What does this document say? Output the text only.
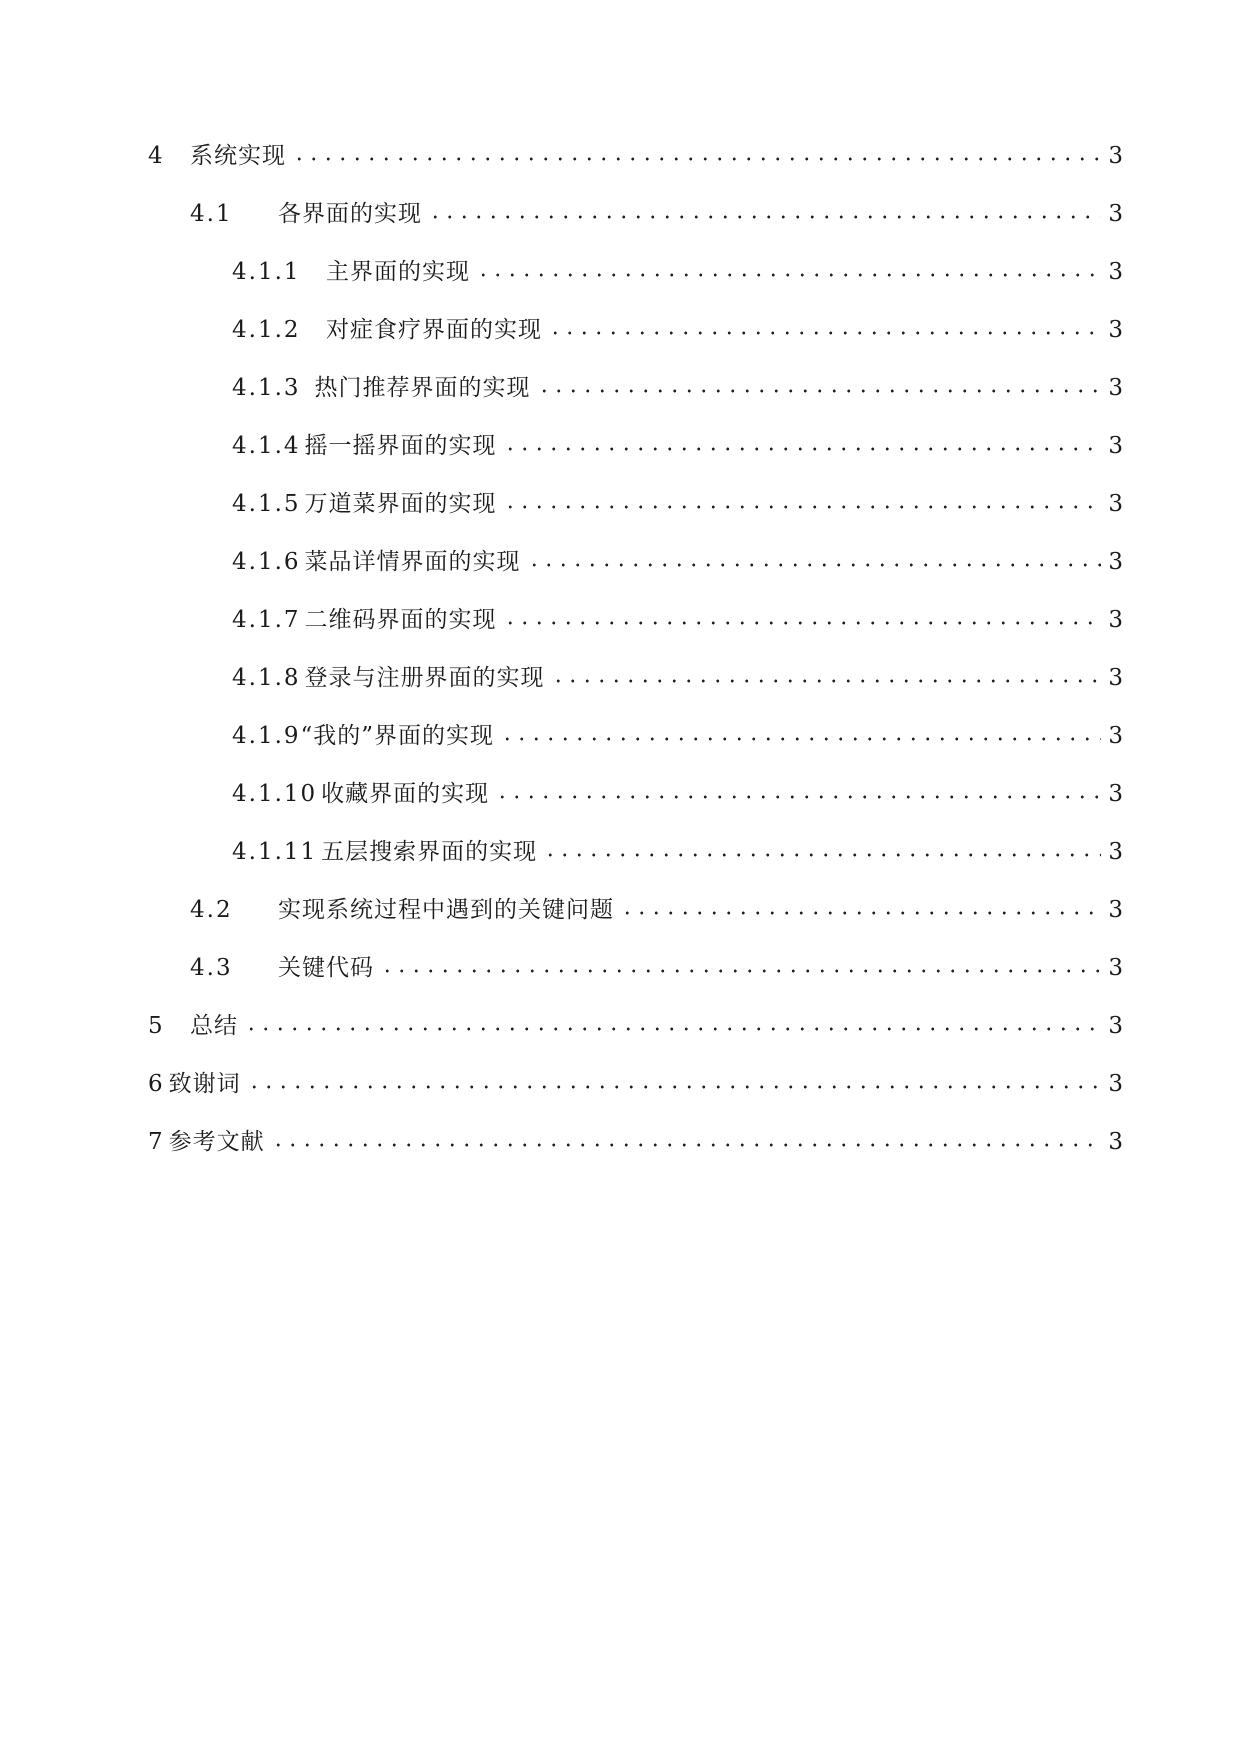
4	系统实现	3
4.1	各界面的实现	3
4.1.1	主界面的实现	3
4.1.2	对症食疗界面的实现	3
4.1.3 热门推荐界面的实现	3
4.1.4 摇一摇界面的实现	3
4.1.5 万道菜界面的实现	3
4.1.6 菜品详情界面的实现	3
4.1.7 二维码界面的实现	3
4.1.8 登录与注册界面的实现	3
4.1.9 “我的”界面的实现	3
4.1.10 收藏界面的实现	3
4.1.11 五层搜索界面的实现	3
4.2	实现系统过程中遇到的关键问题	3
4.3	关键代码	3
5	总结	3
6 致谢词	3
7 参考文献	3
